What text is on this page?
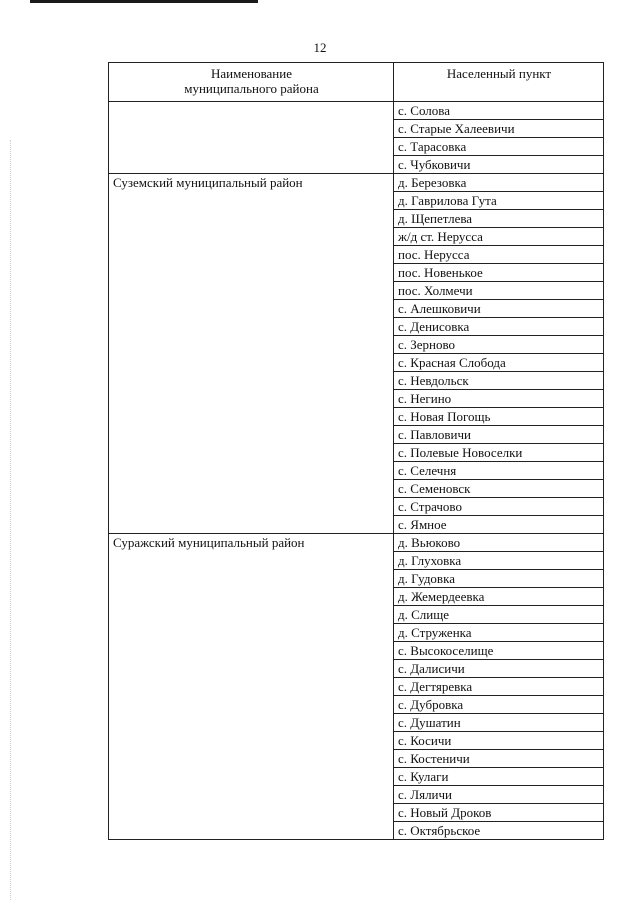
12
Наименование
муниципального района	Населенный пункт
	с. Солова
	с. Старые Халеевичи
	с. Тарасовка
	с. Чубковичи
Суземский муниципальный район	д. Березовка
	д. Гаврилова Гута
	д. Щепетлева
	ж/д ст. Нерусса
	пос. Нерусса
	пос. Новенькое
	пос. Холмечи
	с. Алешковичи
	с. Денисовка
	с. Зерново
	с. Красная Слобода
	с. Невдольск
	с. Негино
	с. Новая Погощь
	с. Павловичи
	с. Полевые Новоселки
	с. Селечня
	с. Семеновск
	с. Страчово
	с. Ямное
Суражский муниципальный район	д. Вьюково
	д. Глуховка
	д. Гудовка
	д. Жемердеевка
	д. Слище
	д. Струженка
	с. Высокоселище
	с. Далисичи
	с. Дегтяревка
	с. Дубровка
	с. Душатин
	с. Косичи
	с. Костеничи
	с. Кулаги
	с. Ляличи
	с. Новый Дроков
	с. Октябрьское
